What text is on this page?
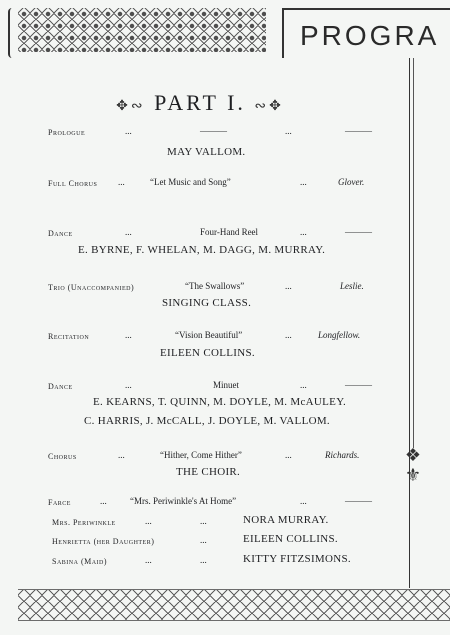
PROGRA
❖
⚜
✥∾ PART I. ∾✥
Prologue	...	———	...	———
MAY VALLOM.
Full Chorus ...	“Let Music and Song”	...	Glover.
Dance	...	Four-Hand Reel	...	———
E. BYRNE, F. WHELAN, M. DAGG, M. MURRAY.
Trio (Unaccompanied)	“The Swallows”	...	Leslie.
SINGING CLASS.
Recitation	...	“Vision Beautiful”	...	Longfellow.
EILEEN COLLINS.
Dance	...	Minuet	...	———
E. KEARNS, T. QUINN, M. DOYLE, M. McAULEY.
C. HARRIS, J. McCALL, J. DOYLE, M. VALLOM.
Chorus	...	“Hither, Come Hither”	...	Richards.
THE CHOIR.
Farce	...	“Mrs. Periwinkle's At Home”	...	———
Mrs. Periwinkle	...	...	NORA MURRAY.
Henrietta (her Daughter)	...	EILEEN COLLINS.
Sabina (Maid)	...	...	KITTY FITZSIMONS.
